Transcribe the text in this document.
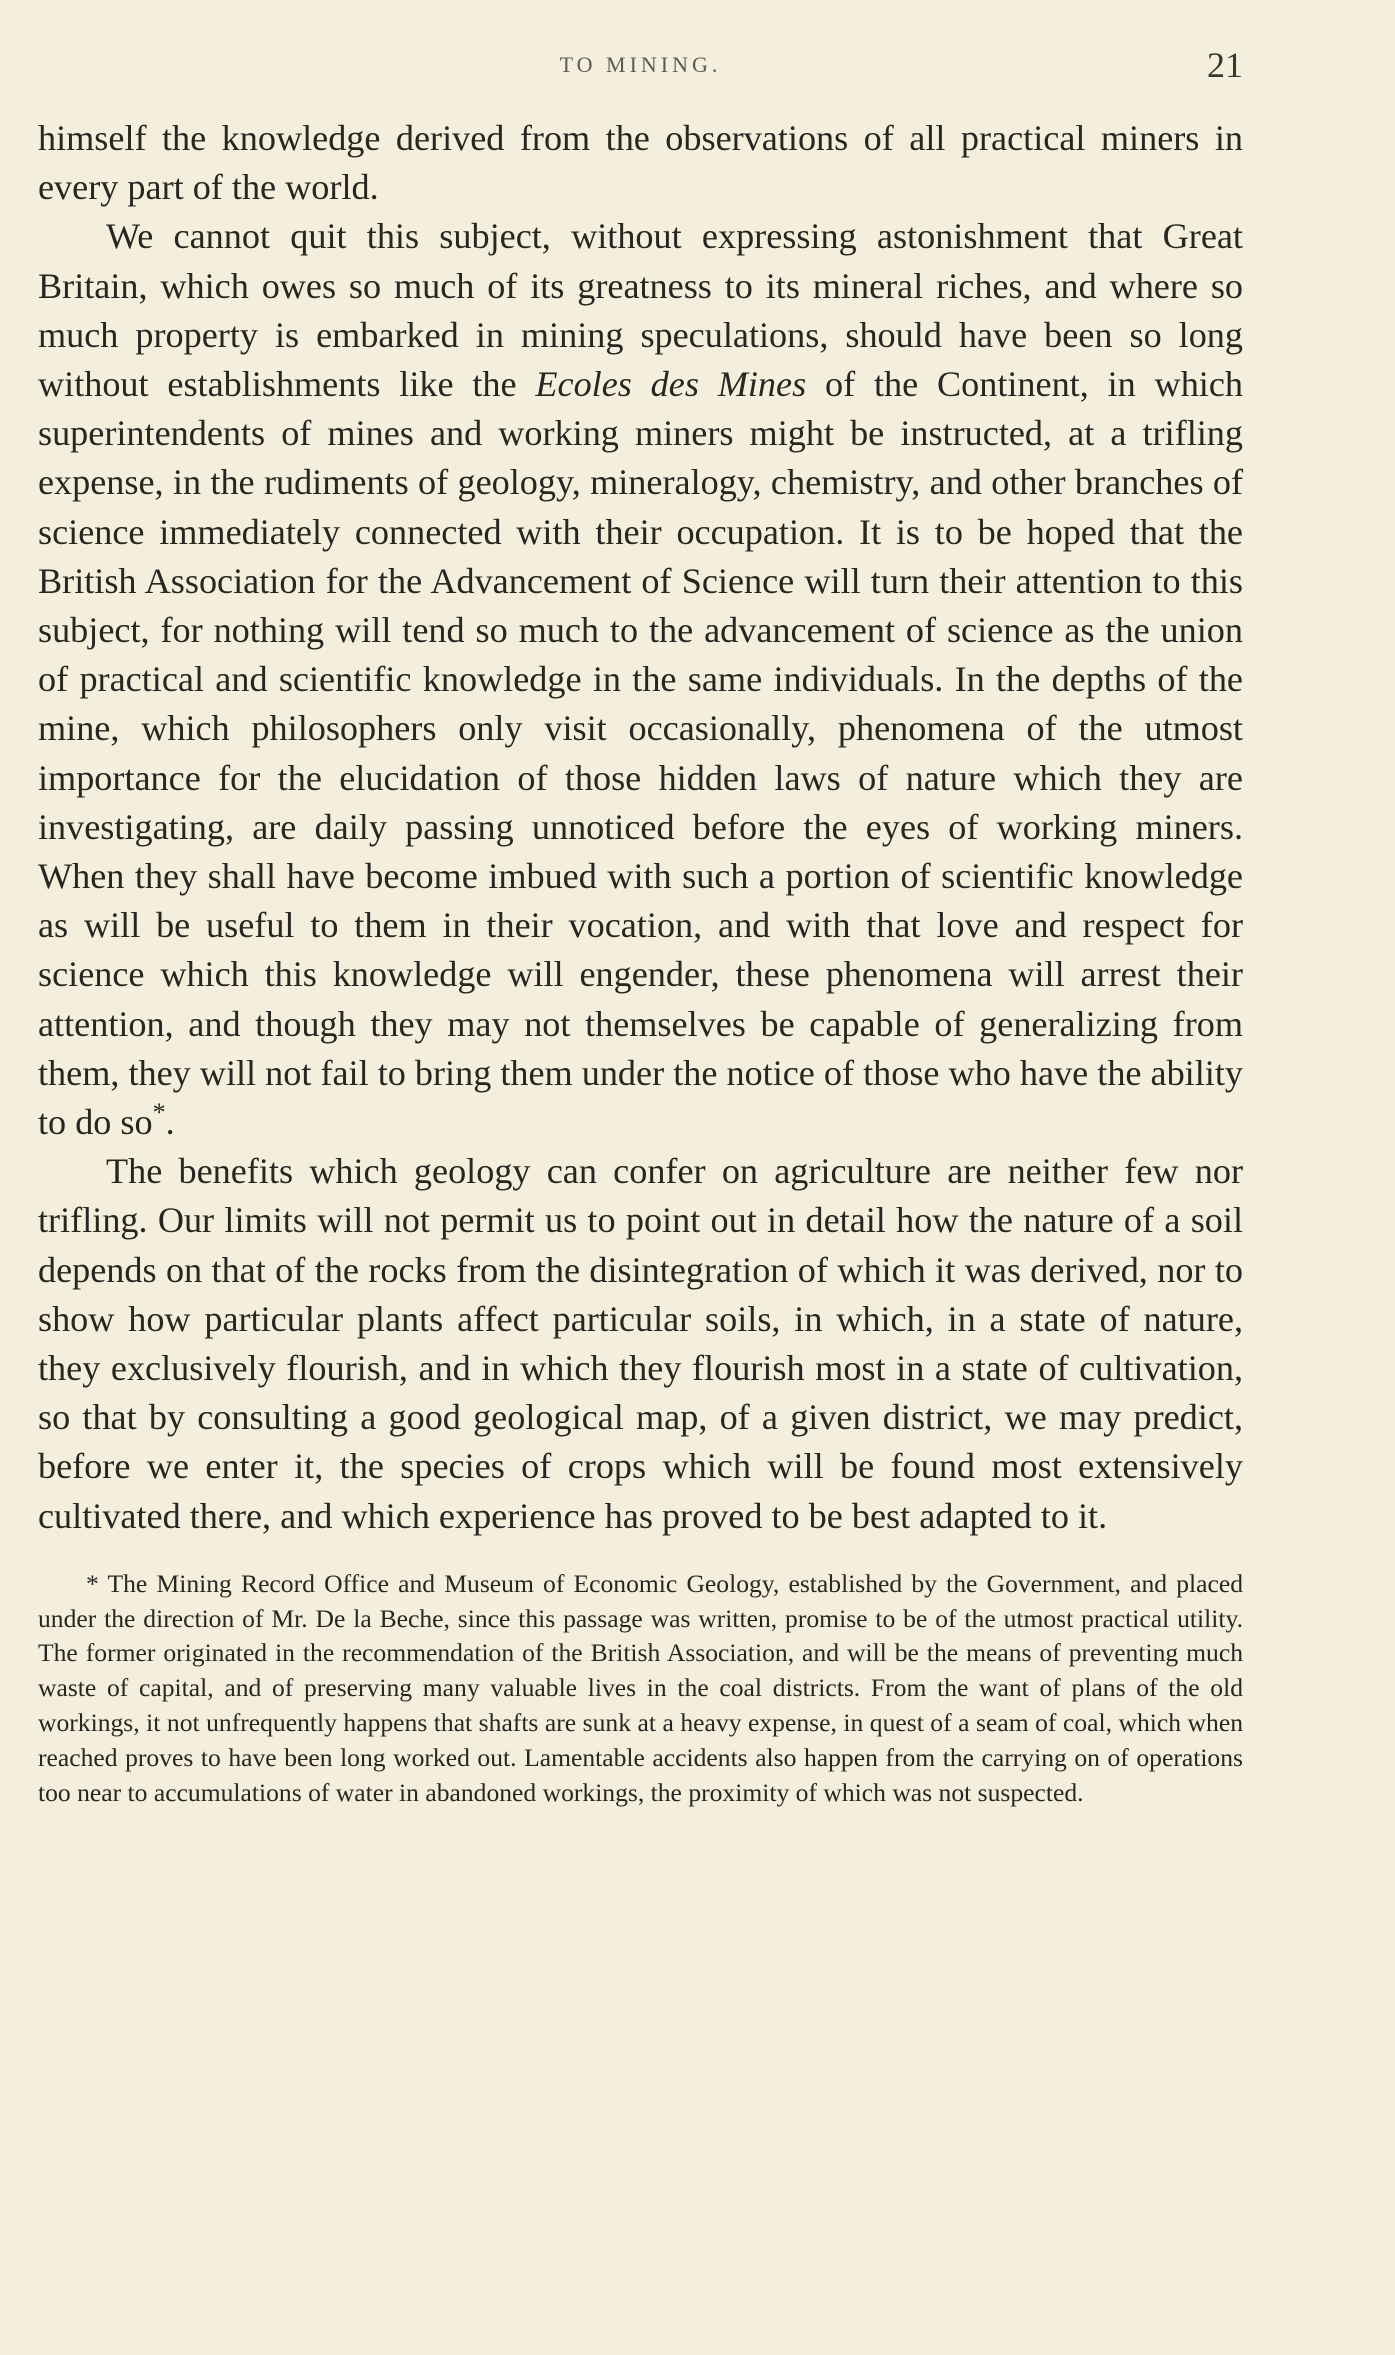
TO MINING.	21

himself the knowledge derived from the observations of all practical miners in every part of the world.

We cannot quit this subject, without expressing astonishment that Great Britain, which owes so much of its greatness to its mineral riches, and where so much property is embarked in mining speculations, should have been so long without establishments like the Ecoles des Mines of the Continent, in which superintendents of mines and working miners might be instructed, at a trifling expense, in the rudiments of geology, mineralogy, chemistry, and other branches of science immediately connected with their occupation. It is to be hoped that the British Association for the Advancement of Science will turn their attention to this subject, for nothing will tend so much to the advancement of science as the union of practical and scientific knowledge in the same individuals. In the depths of the mine, which philosophers only visit occasionally, phenomena of the utmost importance for the elucidation of those hidden laws of nature which they are investigating, are daily passing unnoticed before the eyes of working miners. When they shall have become imbued with such a portion of scientific knowledge as will be useful to them in their vocation, and with that love and respect for science which this knowledge will engender, these phenomena will arrest their attention, and though they may not themselves be capable of generalizing from them, they will not fail to bring them under the notice of those who have the ability to do so*.

The benefits which geology can confer on agriculture are neither few nor trifling. Our limits will not permit us to point out in detail how the nature of a soil depends on that of the rocks from the disintegration of which it was derived, nor to show how particular plants affect particular soils, in which, in a state of nature, they exclusively flourish, and in which they flourish most in a state of cultivation, so that by consulting a good geological map, of a given district, we may predict, before we enter it, the species of crops which will be found most extensively cultivated there, and which experience has proved to be best adapted to it.

* The Mining Record Office and Museum of Economic Geology, established by the Government, and placed under the direction of Mr. De la Beche, since this passage was written, promise to be of the utmost practical utility. The former originated in the recommendation of the British Association, and will be the means of preventing much waste of capital, and of preserving many valuable lives in the coal districts. From the want of plans of the old workings, it not unfrequently happens that shafts are sunk at a heavy expense, in quest of a seam of coal, which when reached proves to have been long worked out. Lamentable accidents also happen from the carrying on of operations too near to accumulations of water in abandoned workings, the proximity of which was not suspected.
